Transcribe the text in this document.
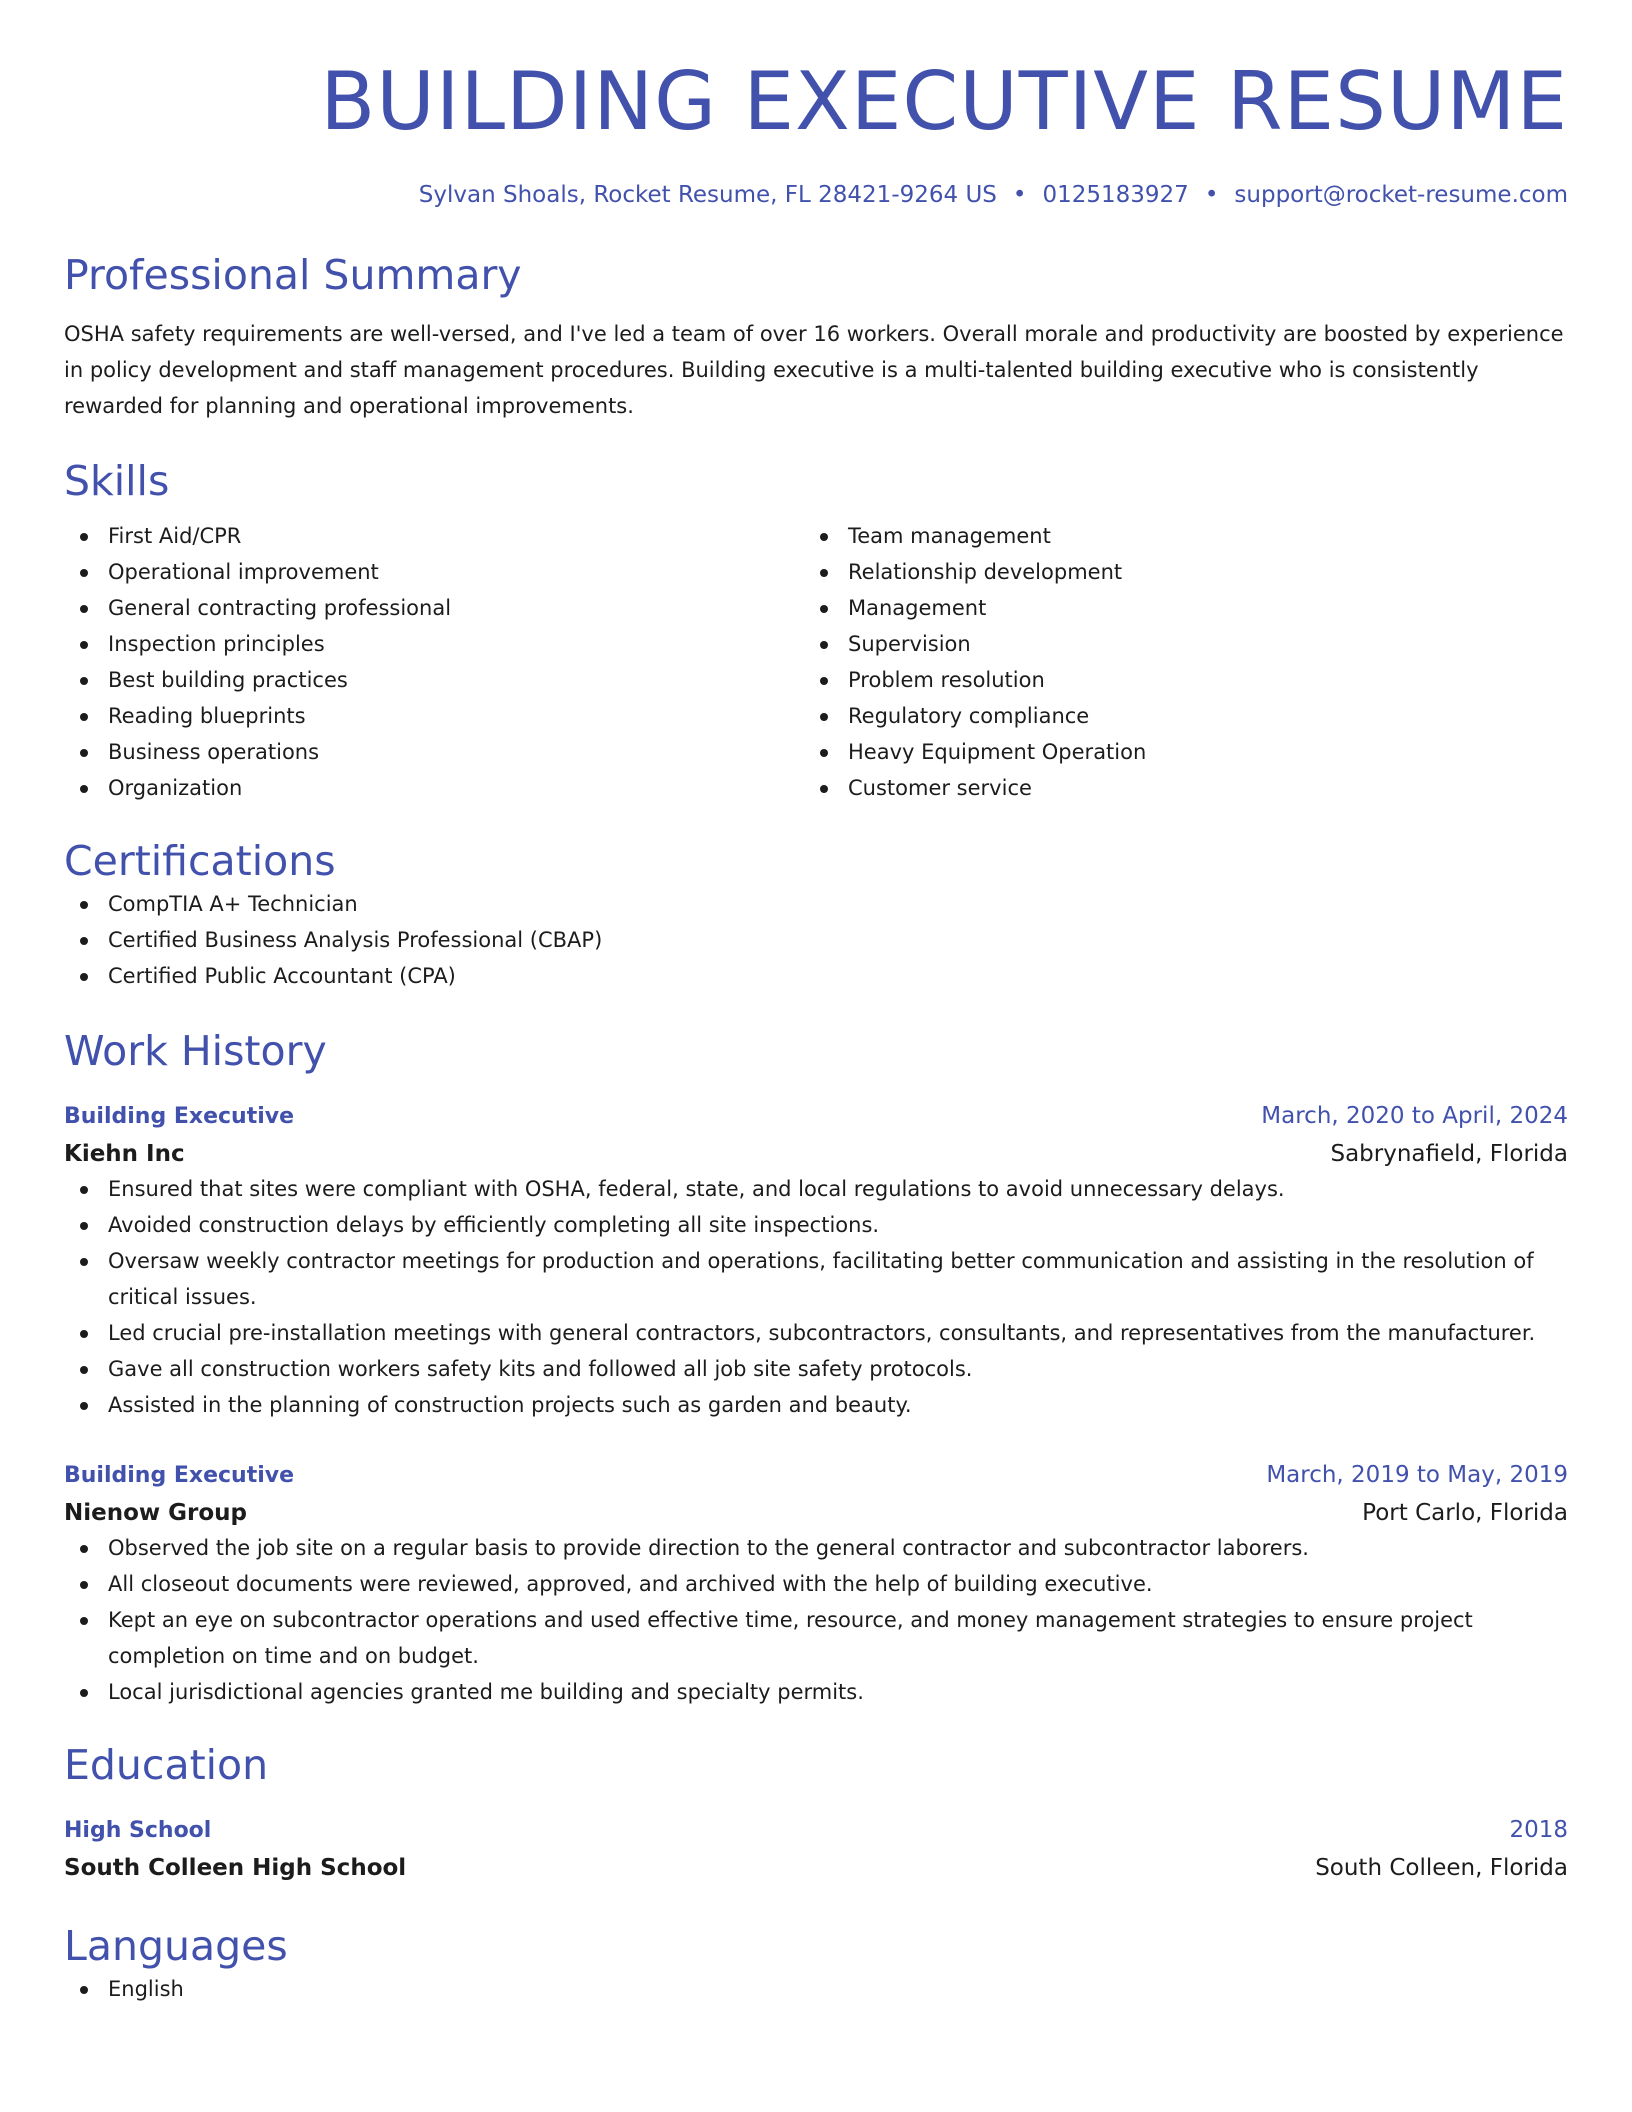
BUILDING EXECUTIVE RESUME
Sylvan Shoals, Rocket Resume, FL 28421-9264 US • 0125183927 • support@rocket-resume.com
Professional Summary
OSHA safety requirements are well-versed, and I've led a team of over 16 workers. Overall morale and productivity are boosted by experience in policy development and staff management procedures. Building executive is a multi-talented building executive who is consistently rewarded for planning and operational improvements.
Skills
First Aid/CPR
Operational improvement
General contracting professional
Inspection principles
Best building practices
Reading blueprints
Business operations
Organization
Team management
Relationship development
Management
Supervision
Problem resolution
Regulatory compliance
Heavy Equipment Operation
Customer service
Certifications
CompTIA A+ Technician
Certified Business Analysis Professional (CBAP)
Certified Public Accountant (CPA)
Work History
Building Executive	March, 2020 to April, 2024
Kiehn Inc	Sabrynafield, Florida
Ensured that sites were compliant with OSHA, federal, state, and local regulations to avoid unnecessary delays.
Avoided construction delays by efficiently completing all site inspections.
Oversaw weekly contractor meetings for production and operations, facilitating better communication and assisting in the resolution of critical issues.
Led crucial pre-installation meetings with general contractors, subcontractors, consultants, and representatives from the manufacturer.
Gave all construction workers safety kits and followed all job site safety protocols.
Assisted in the planning of construction projects such as garden and beauty.
Building Executive	March, 2019 to May, 2019
Nienow Group	Port Carlo, Florida
Observed the job site on a regular basis to provide direction to the general contractor and subcontractor laborers.
All closeout documents were reviewed, approved, and archived with the help of building executive.
Kept an eye on subcontractor operations and used effective time, resource, and money management strategies to ensure project completion on time and on budget.
Local jurisdictional agencies granted me building and specialty permits.
Education
High School	2018
South Colleen High School	South Colleen, Florida
Languages
English
